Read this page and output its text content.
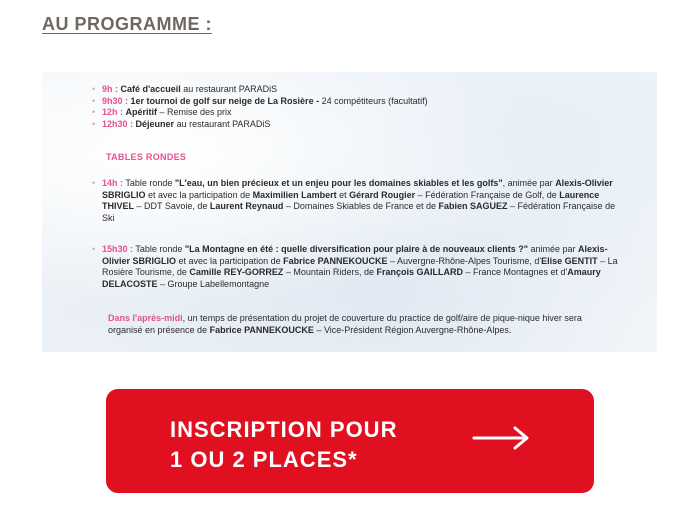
AU PROGRAMME :
• 9h : Café d'accueil au restaurant PARADiS
• 9h30 : 1er tournoi de golf sur neige de La Rosière - 24 compétiteurs (facultatif)
• 12h : Apéritif – Remise des prix
• 12h30 : Déjeuner au restaurant PARADiS
TABLES RONDES
• 14h : Table ronde "L'eau, un bien précieux et un enjeu pour les domaines skiables et les golfs", animée par Alexis-Olivier SBRIGLIO et avec la participation de Maximilien Lambert et Gérard Rougier – Fédération Française de Golf, de Laurence THIVEL – DDT Savoie, de Laurent Reynaud – Domaines Skiables de France et de Fabien SAGUEZ – Fédération Française de Ski
• 15h30 : Table ronde "La Montagne en été : quelle diversification pour plaire à de nouveaux clients ?" animée par Alexis-Olivier SBRIGLIO et avec la participation de Fabrice PANNEKOUCKE – Auvergne-Rhône-Alpes Tourisme, d'Elise GENTIT – La Rosière Tourisme, de Camille REY-GORREZ – Mountain Riders, de François GAILLARD – France Montagnes et d'Amaury DELACOSTE – Groupe Labellemontagne
Dans l'après-midi, un temps de présentation du projet de couverture du practice de golf/aire de pique-nique hiver sera organisé en présence de Fabrice PANNEKOUCKE – Vice-Président Région Auvergne-Rhône-Alpes.
INSCRIPTION POUR
1 OU 2 PLACES*
